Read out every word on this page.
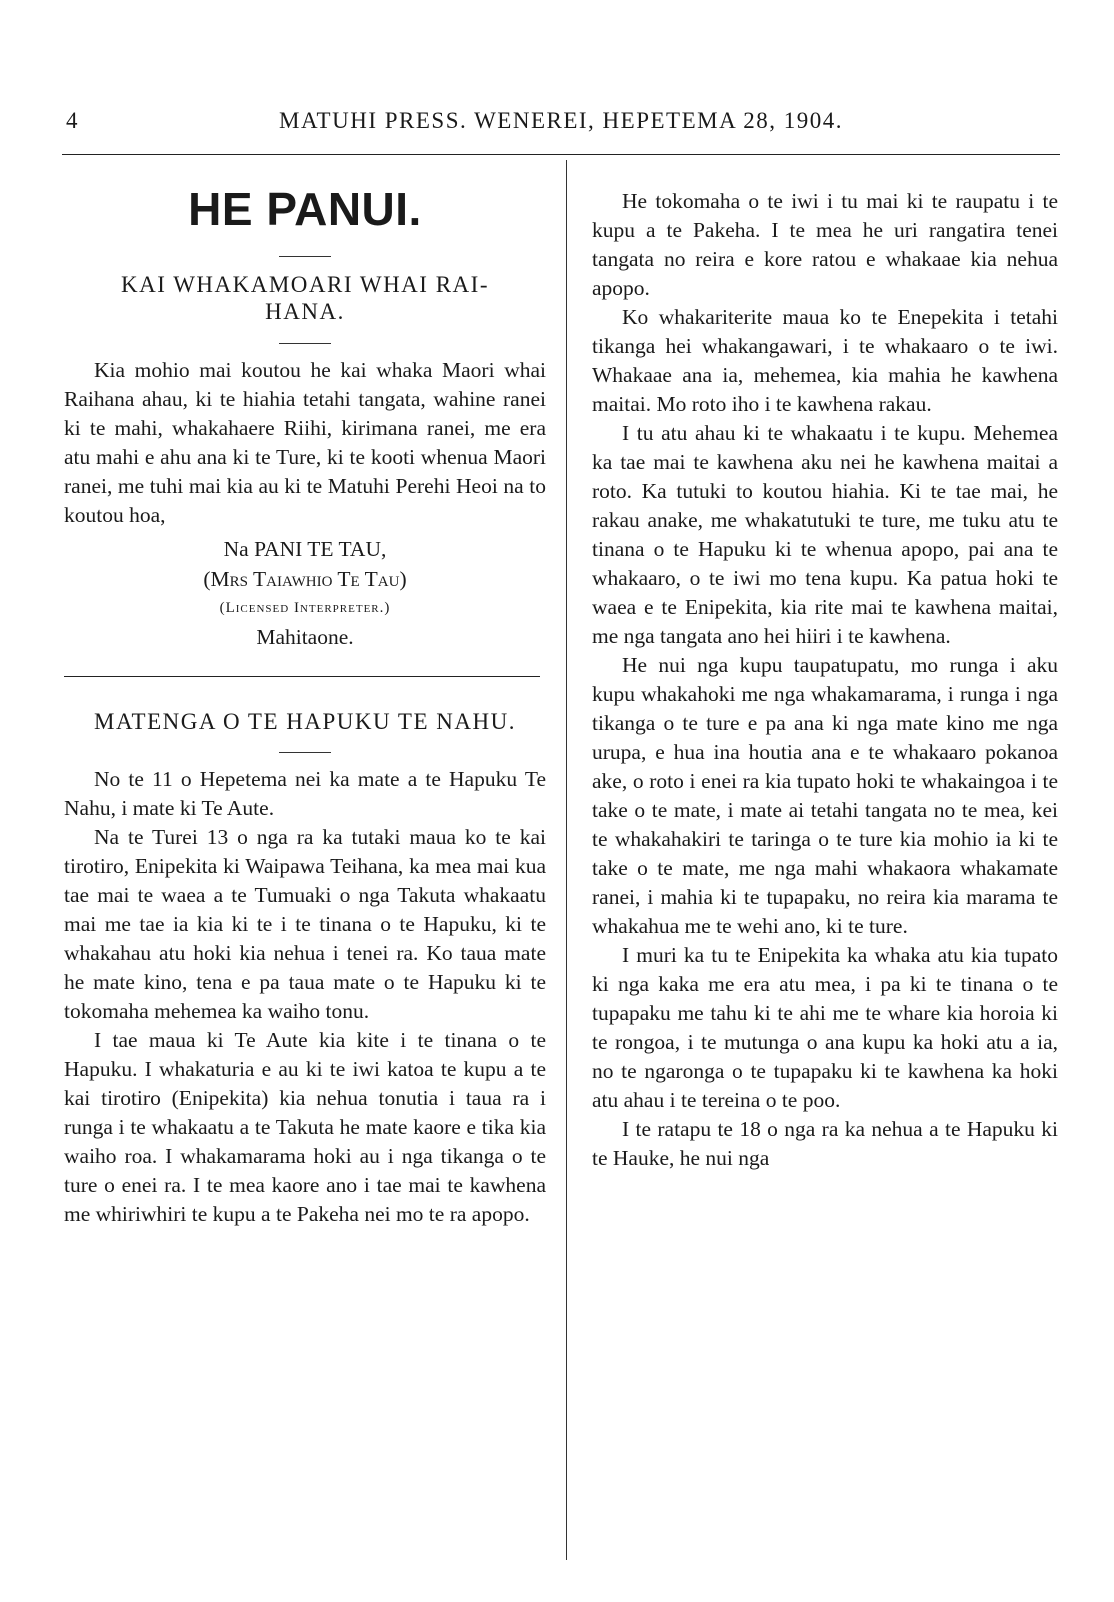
4	MATUHI PRESS. WENEREI, HEPETEMA 28, 1904.
HE PANUI.
KAI WHAKAMOARI WHAI RAI-HANA.
Kia mohio mai koutou he kai whaka Maori whai Raihana ahau, ki te hiahia tetahi tangata, wahine ranei ki te mahi, whakahaere Riihi, kirimana ranei, me era atu mahi e ahu ana ki te Ture, ki te kooti whenua Maori ranei, me tuhi mai kia au ki te Matuhi Perehi Heoi na to koutou hoa,
Na PANI TE TAU,
(Mrs Taiawhio Te Tau)
(Licensed Interpreter.)
Mahitaone.
MATENGA O TE HAPUKU TE NAHU.
No te 11 o Hepetema nei ka mate a te Hapuku Te Nahu, i mate ki Te Aute.
Na te Turei 13 o nga ra ka tutaki maua ko te kai tirotiro, Enipekita ki Waipawa Teihana, ka mea mai kua tae mai te waea a te Tumuaki o nga Takuta whakaatu mai me tae ia kia ki te i te tinana o te Hapuku, ki te whakahau atu hoki kia nehua i tenei ra. Ko taua mate he mate kino, tena e pa taua mate o te Hapuku ki te tokomaha mehemea ka waiho tonu.
I tae maua ki Te Aute kia kite i te tinana o te Hapuku. I whakaturia e au ki te iwi katoa te kupu a te kai tirotiro (Enipekita) kia nehua tonutia i taua ra i runga i te whakaatu a te Takuta he mate kaore e tika kia waiho roa. I whakamarama hoki au i nga tikanga o te ture o enei ra. I te mea kaore ano i tae mai te kawhena me whiriwhiri te kupu a te Pakeha nei mo te ra apopo.
He tokomaha o te iwi i tu mai ki te raupatu i te kupu a te Pakeha. I te mea he uri rangatira tenei tangata no reira e kore ratou e whakaae kia nehua apopo.
Ko whakariterite maua ko te Enepekita i tetahi tikanga hei whakangawari, i te whakaaro o te iwi. Whakaae ana ia, mehemea, kia mahia he kawhena maitai. Mo roto iho i te kawhena rakau.
I tu atu ahau ki te whakaatu i te kupu. Mehemea ka tae mai te kawhena aku nei he kawhena maitai a roto. Ka tutuki to koutou hiahia. Ki te tae mai, he rakau anake, me whakatutuki te ture, me tuku atu te tinana o te Hapuku ki te whenua apopo, pai ana te whakaaro, o te iwi mo tena kupu. Ka patua hoki te waea e te Enipekita, kia rite mai te kawhena maitai, me nga tangata ano hei hiiri i te kawhena.
He nui nga kupu taupatupatu, mo runga i aku kupu whakahoki me nga whakamarama, i runga i nga tikanga o te ture e pa ana ki nga mate kino me nga urupa, e hua ina houtia ana e te whakaaro pokanoa ake, o roto i enei ra kia tupato hoki te whakaingoa i te take o te mate, i mate ai tetahi tangata no te mea, kei te whakahakiri te taringa o te ture kia mohio ia ki te take o te mate, me nga mahi whakaora whakamate ranei, i mahia ki te tupapaku, no reira kia marama te whakahua me te wehi ano, ki te ture.
I muri ka tu te Enipekita ka whaka atu kia tupato ki nga kaka me era atu mea, i pa ki te tinana o te tupapaku me tahu ki te ahi me te whare kia horoia ki te rongoa, i te mutunga o ana kupu ka hoki atu a ia, no te ngaronga o te tupapaku ki te kawhena ka hoki atu ahau i te tereina o te poo.
I te ratapu te 18 o nga ra ka nehua a te Hapuku ki te Hauke, he nui nga
